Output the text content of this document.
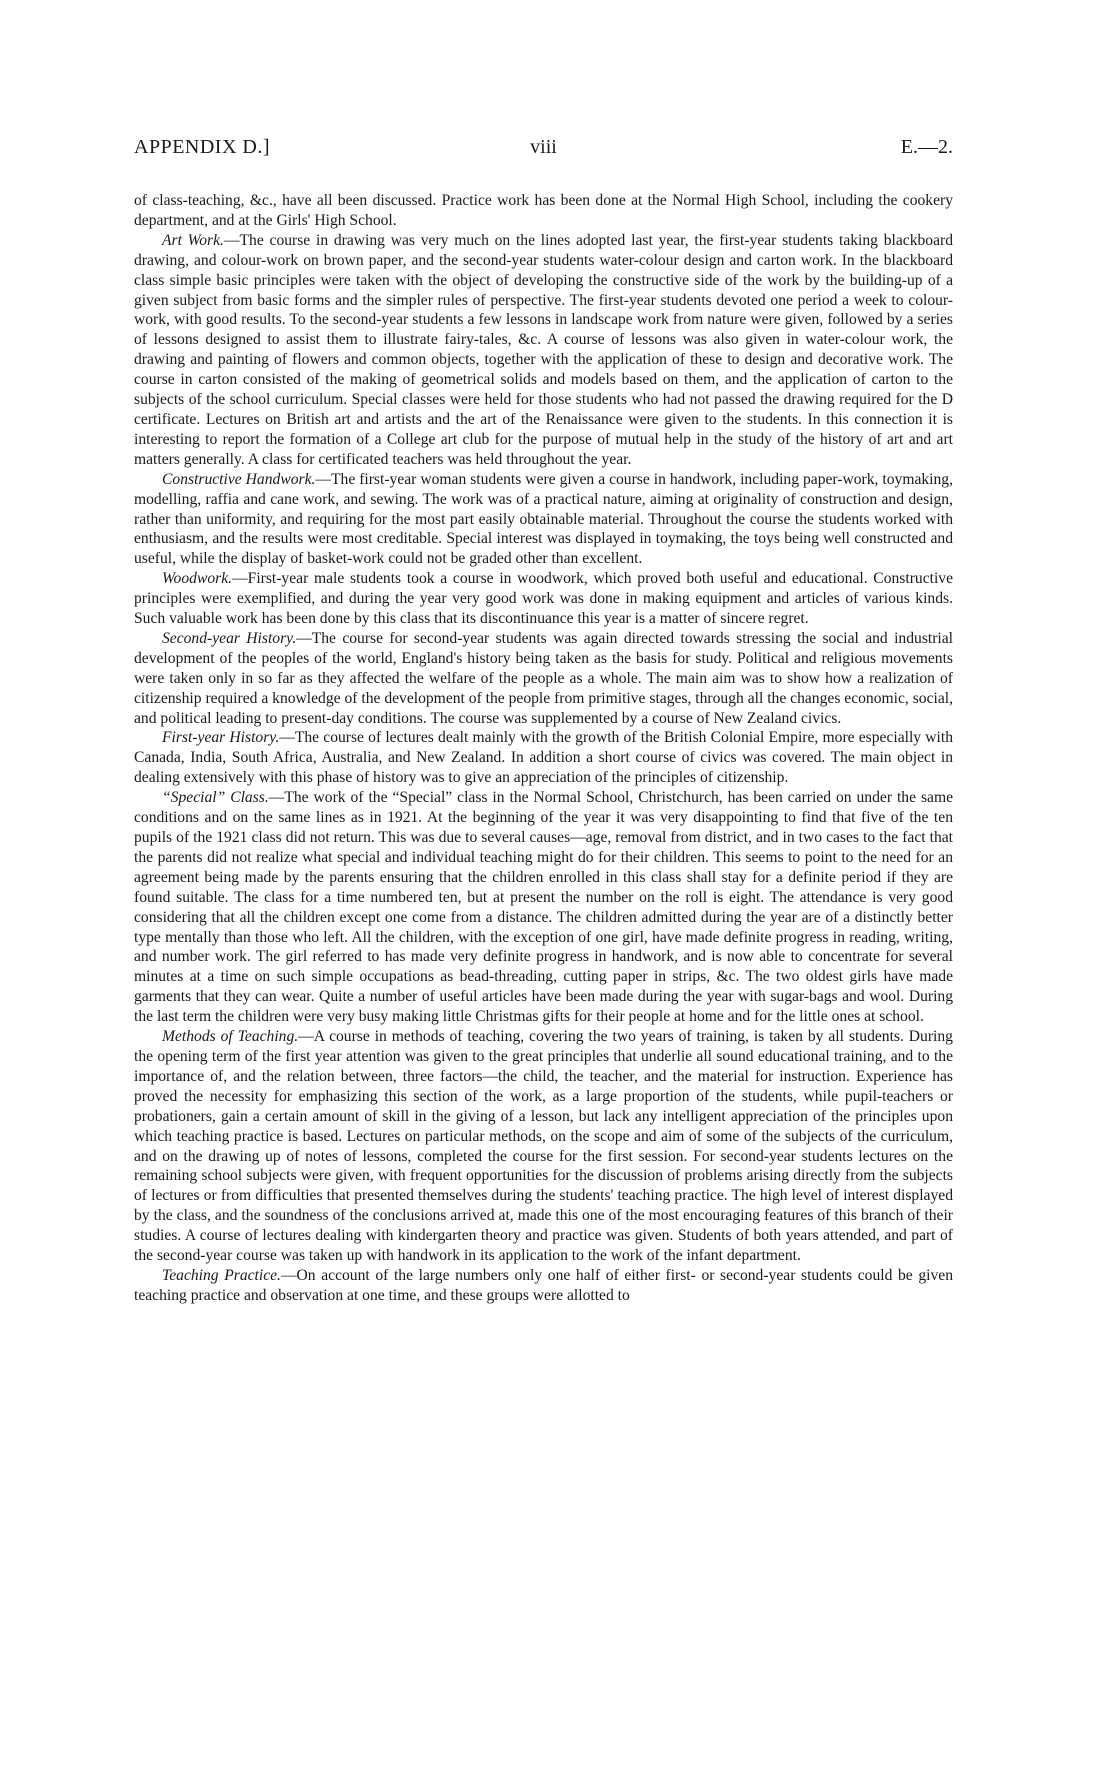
APPENDIX D.]	viii	E.—2.

of class-teaching, &c., have all been discussed. Practice work has been done at the Normal High School, including the cookery department, and at the Girls' High School.

Art Work.—The course in drawing was very much on the lines adopted last year, the first-year students taking blackboard drawing, and colour-work on brown paper, and the second-year students water-colour design and carton work. In the blackboard class simple basic principles were taken with the object of developing the constructive side of the work by the building-up of a given subject from basic forms and the simpler rules of perspective. The first-year students devoted one period a week to colour-work, with good results. To the second-year students a few lessons in landscape work from nature were given, followed by a series of lessons designed to assist them to illustrate fairy-tales, &c. A course of lessons was also given in water-colour work, the drawing and painting of flowers and common objects, together with the application of these to design and decorative work. The course in carton consisted of the making of geometrical solids and models based on them, and the application of carton to the subjects of the school curriculum. Special classes were held for those students who had not passed the drawing required for the D certificate. Lectures on British art and artists and the art of the Renaissance were given to the students. In this connection it is interesting to report the formation of a College art club for the purpose of mutual help in the study of the history of art and art matters generally. A class for certificated teachers was held throughout the year.

Constructive Handwork.—The first-year woman students were given a course in handwork, including paper-work, toymaking, modelling, raffia and cane work, and sewing. The work was of a practical nature, aiming at originality of construction and design, rather than uniformity, and requiring for the most part easily obtainable material. Throughout the course the students worked with enthusiasm, and the results were most creditable. Special interest was displayed in toymaking, the toys being well constructed and useful, while the display of basket-work could not be graded other than excellent.

Woodwork.—First-year male students took a course in woodwork, which proved both useful and educational. Constructive principles were exemplified, and during the year very good work was done in making equipment and articles of various kinds. Such valuable work has been done by this class that its discontinuance this year is a matter of sincere regret.

Second-year History.—The course for second-year students was again directed towards stressing the social and industrial development of the peoples of the world, England's history being taken as the basis for study. Political and religious movements were taken only in so far as they affected the welfare of the people as a whole. The main aim was to show how a realization of citizenship required a knowledge of the development of the people from primitive stages, through all the changes economic, social, and political leading to present-day conditions. The course was supplemented by a course of New Zealand civics.

First-year History.—The course of lectures dealt mainly with the growth of the British Colonial Empire, more especially with Canada, India, South Africa, Australia, and New Zealand. In addition a short course of civics was covered. The main object in dealing extensively with this phase of history was to give an appreciation of the principles of citizenship.

“Special” Class.—The work of the “Special” class in the Normal School, Christchurch, has been carried on under the same conditions and on the same lines as in 1921. At the beginning of the year it was very disappointing to find that five of the ten pupils of the 1921 class did not return. This was due to several causes—age, removal from district, and in two cases to the fact that the parents did not realize what special and individual teaching might do for their children. This seems to point to the need for an agreement being made by the parents ensuring that the children enrolled in this class shall stay for a definite period if they are found suitable. The class for a time numbered ten, but at present the number on the roll is eight. The attendance is very good considering that all the children except one come from a distance. The children admitted during the year are of a distinctly better type mentally than those who left. All the children, with the exception of one girl, have made definite progress in reading, writing, and number work. The girl referred to has made very definite progress in handwork, and is now able to concentrate for several minutes at a time on such simple occupations as bead-threading, cutting paper in strips, &c. The two oldest girls have made garments that they can wear. Quite a number of useful articles have been made during the year with sugar-bags and wool. During the last term the children were very busy making little Christmas gifts for their people at home and for the little ones at school.

Methods of Teaching.—A course in methods of teaching, covering the two years of training, is taken by all students. During the opening term of the first year attention was given to the great principles that underlie all sound educational training, and to the importance of, and the relation between, three factors—the child, the teacher, and the material for instruction. Experience has proved the necessity for emphasizing this section of the work, as a large proportion of the students, while pupil-teachers or probationers, gain a certain amount of skill in the giving of a lesson, but lack any intelligent appreciation of the principles upon which teaching practice is based. Lectures on particular methods, on the scope and aim of some of the subjects of the curriculum, and on the drawing up of notes of lessons, completed the course for the first session. For second-year students lectures on the remaining school subjects were given, with frequent opportunities for the discussion of problems arising directly from the subjects of lectures or from difficulties that presented themselves during the students' teaching practice. The high level of interest displayed by the class, and the soundness of the conclusions arrived at, made this one of the most encouraging features of this branch of their studies. A course of lectures dealing with kindergarten theory and practice was given. Students of both years attended, and part of the second-year course was taken up with handwork in its application to the work of the infant department.

Teaching Practice.—On account of the large numbers only one half of either first- or second-year students could be given teaching practice and observation at one time, and these groups were allotted to
